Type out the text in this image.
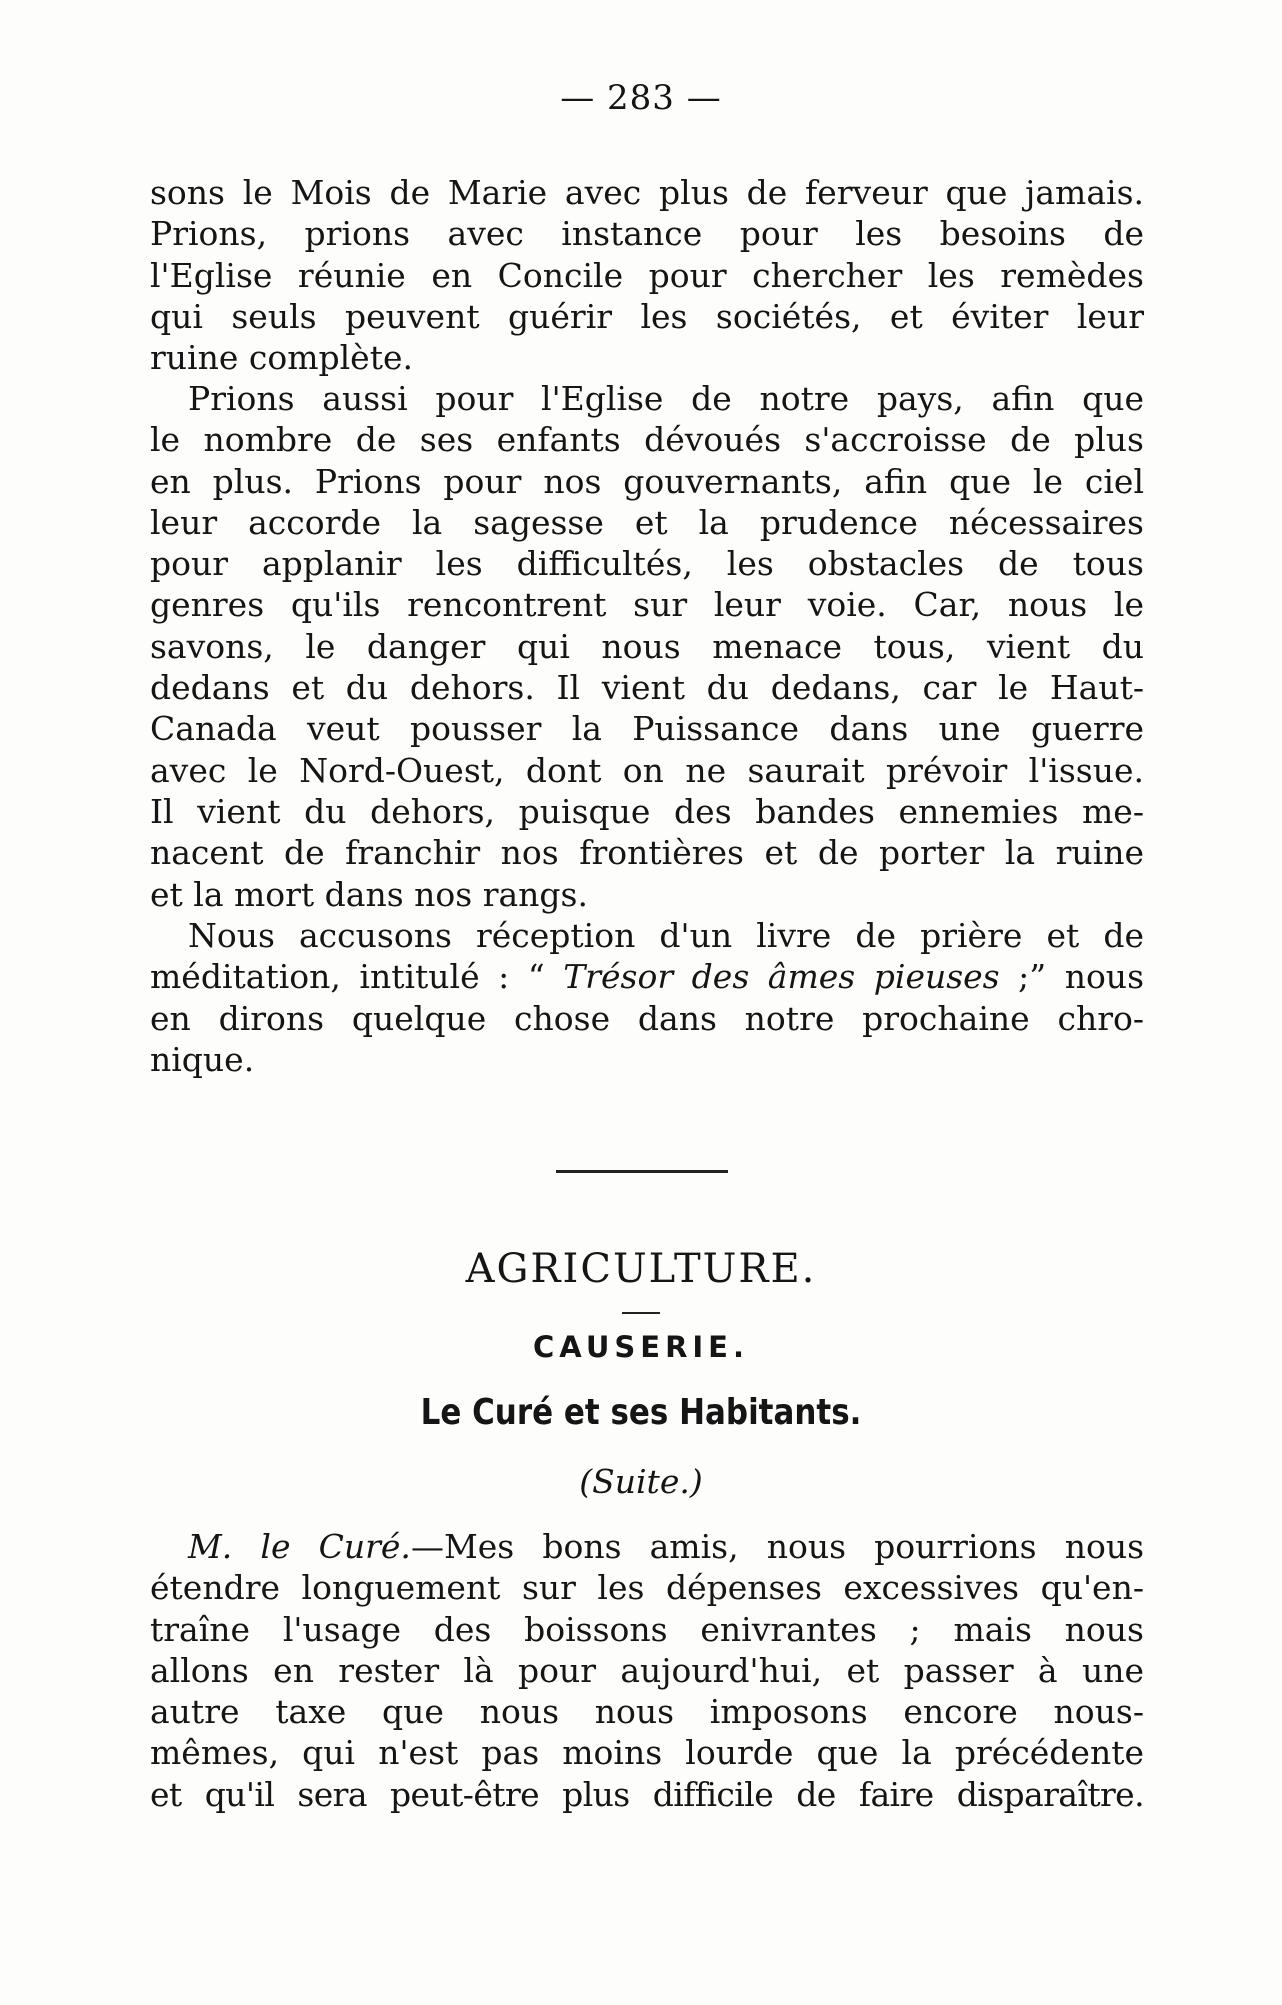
— 283 —

sons le Mois de Marie avec plus de ferveur que jamais.

Prions, prions avec instance pour les besoins de

l'Eglise réunie en Concile pour chercher les remèdes

qui seuls peuvent guérir les sociétés, et éviter leur

ruine complète.

Prions aussi pour l'Eglise de notre pays, afin que

le nombre de ses enfants dévoués s'accroisse de plus

en plus. Prions pour nos gouvernants, afin que le ciel

leur accorde la sagesse et la prudence nécessaires

pour applanir les difficultés, les obstacles de tous

genres qu'ils rencontrent sur leur voie. Car, nous le

savons, le danger qui nous menace tous, vient du

dedans et du dehors. Il vient du dedans, car le Haut-

Canada veut pousser la Puissance dans une guerre

avec le Nord-Ouest, dont on ne saurait prévoir l'issue.

Il vient du dehors, puisque des bandes ennemies me-

nacent de franchir nos frontières et de porter la ruine

et la mort dans nos rangs.

Nous accusons réception d'un livre de prière et de

méditation, intitulé : “ Trésor des âmes pieuses ;” nous

en dirons quelque chose dans notre prochaine chro-

nique.

AGRICULTURE.
CAUSERIE.
Le Curé et ses Habitants.
(Suite.)

M. le Curé.—Mes bons amis, nous pourrions nous

étendre longuement sur les dépenses excessives qu'en-

traîne l'usage des boissons enivrantes ; mais nous

allons en rester là pour aujourd'hui, et passer à une

autre taxe que nous nous imposons encore nous-

mêmes, qui n'est pas moins lourde que la précédente

et qu'il sera peut-être plus difficile de faire disparaître.
